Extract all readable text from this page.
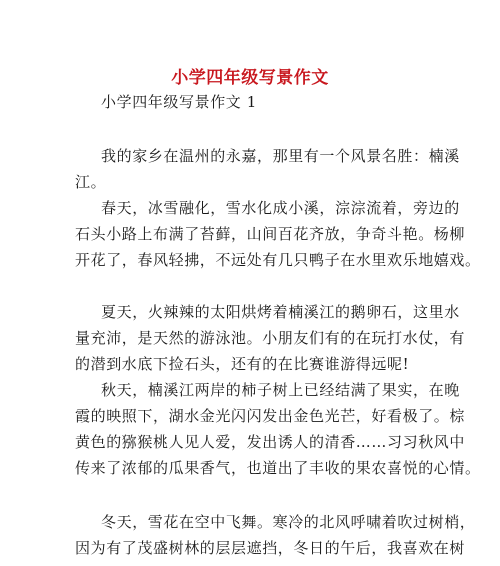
小学四年级写景作文
小学四年级写景作文 1
我的家乡在温州的永嘉，那里有一个风景名胜：楠溪
江。
春天，冰雪融化，雪水化成小溪，淙淙流着，旁边的
石头小路上布满了苔藓，山间百花齐放，争奇斗艳。杨柳
开花了，春风轻拂，不远处有几只鸭子在水里欢乐地嬉戏。
夏天，火辣辣的太阳烘烤着楠溪江的鹅卵石，这里水
量充沛，是天然的游泳池。小朋友们有的在玩打水仗，有
的潜到水底下捡石头，还有的在比赛谁游得远呢!
秋天，楠溪江两岸的柿子树上已经结满了果实，在晚
霞的映照下，湖水金光闪闪发出金色光芒，好看极了。棕
黄色的猕猴桃人见人爱，发出诱人的清香……习习秋风中
传来了浓郁的瓜果香气，也道出了丰收的果农喜悦的心情。
冬天，雪花在空中飞舞。寒冷的北风呼啸着吹过树梢，
因为有了茂盛树林的层层遮挡，冬日的午后，我喜欢在树
